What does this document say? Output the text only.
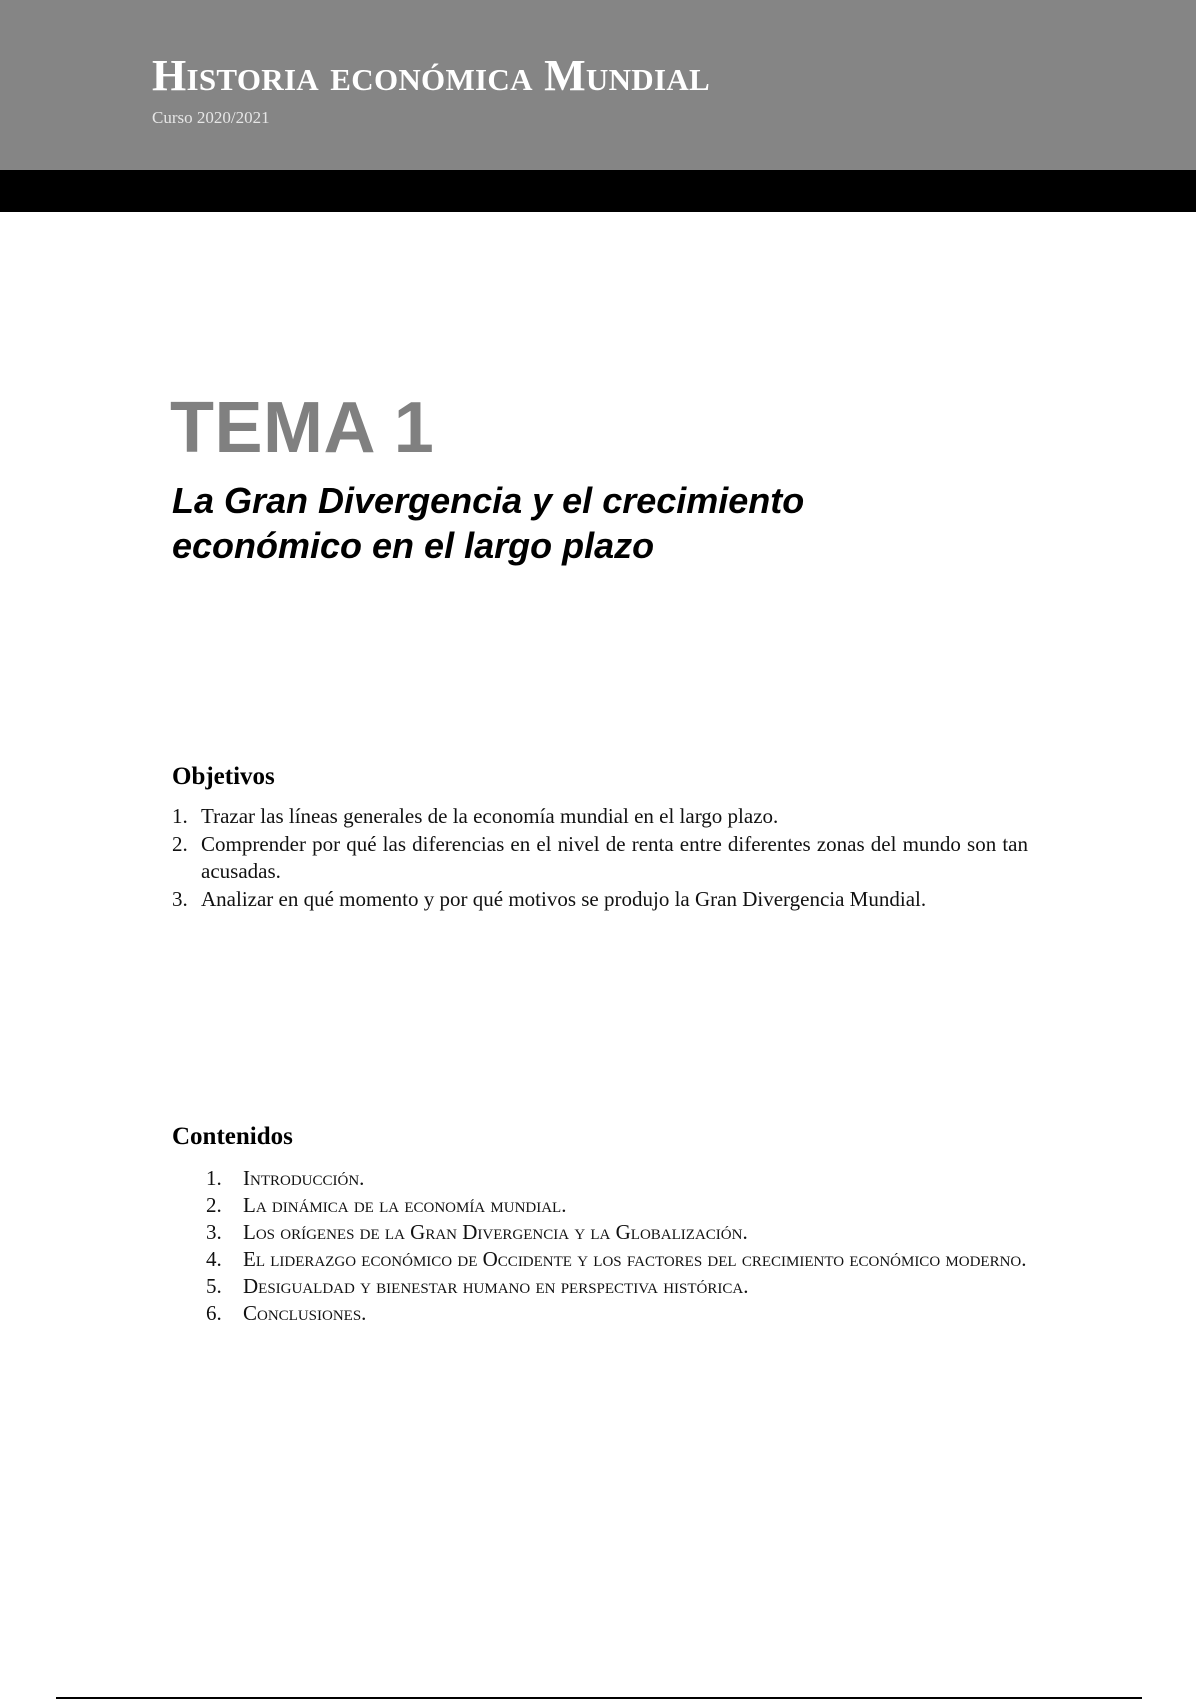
Historia económica Mundial
Curso 2020/2021
TEMA 1
La Gran Divergencia y el crecimiento
económico en el largo plazo
Objetivos
1. Trazar las líneas generales de la economía mundial en el largo plazo.
2. Comprender por qué las diferencias en el nivel de renta entre diferentes zonas del mundo son tan acusadas.
3. Analizar en qué momento y por qué motivos se produjo la Gran Divergencia Mundial.
Contenidos
1.	Introducción.
2.	La dinámica de la economía mundial.
3.	Los orígenes de la Gran Divergencia y la Globalización.
4.	El liderazgo económico de Occidente y los factores del crecimiento económico moderno.
5.	Desigualdad y bienestar humano en perspectiva histórica.
6.	Conclusiones.
